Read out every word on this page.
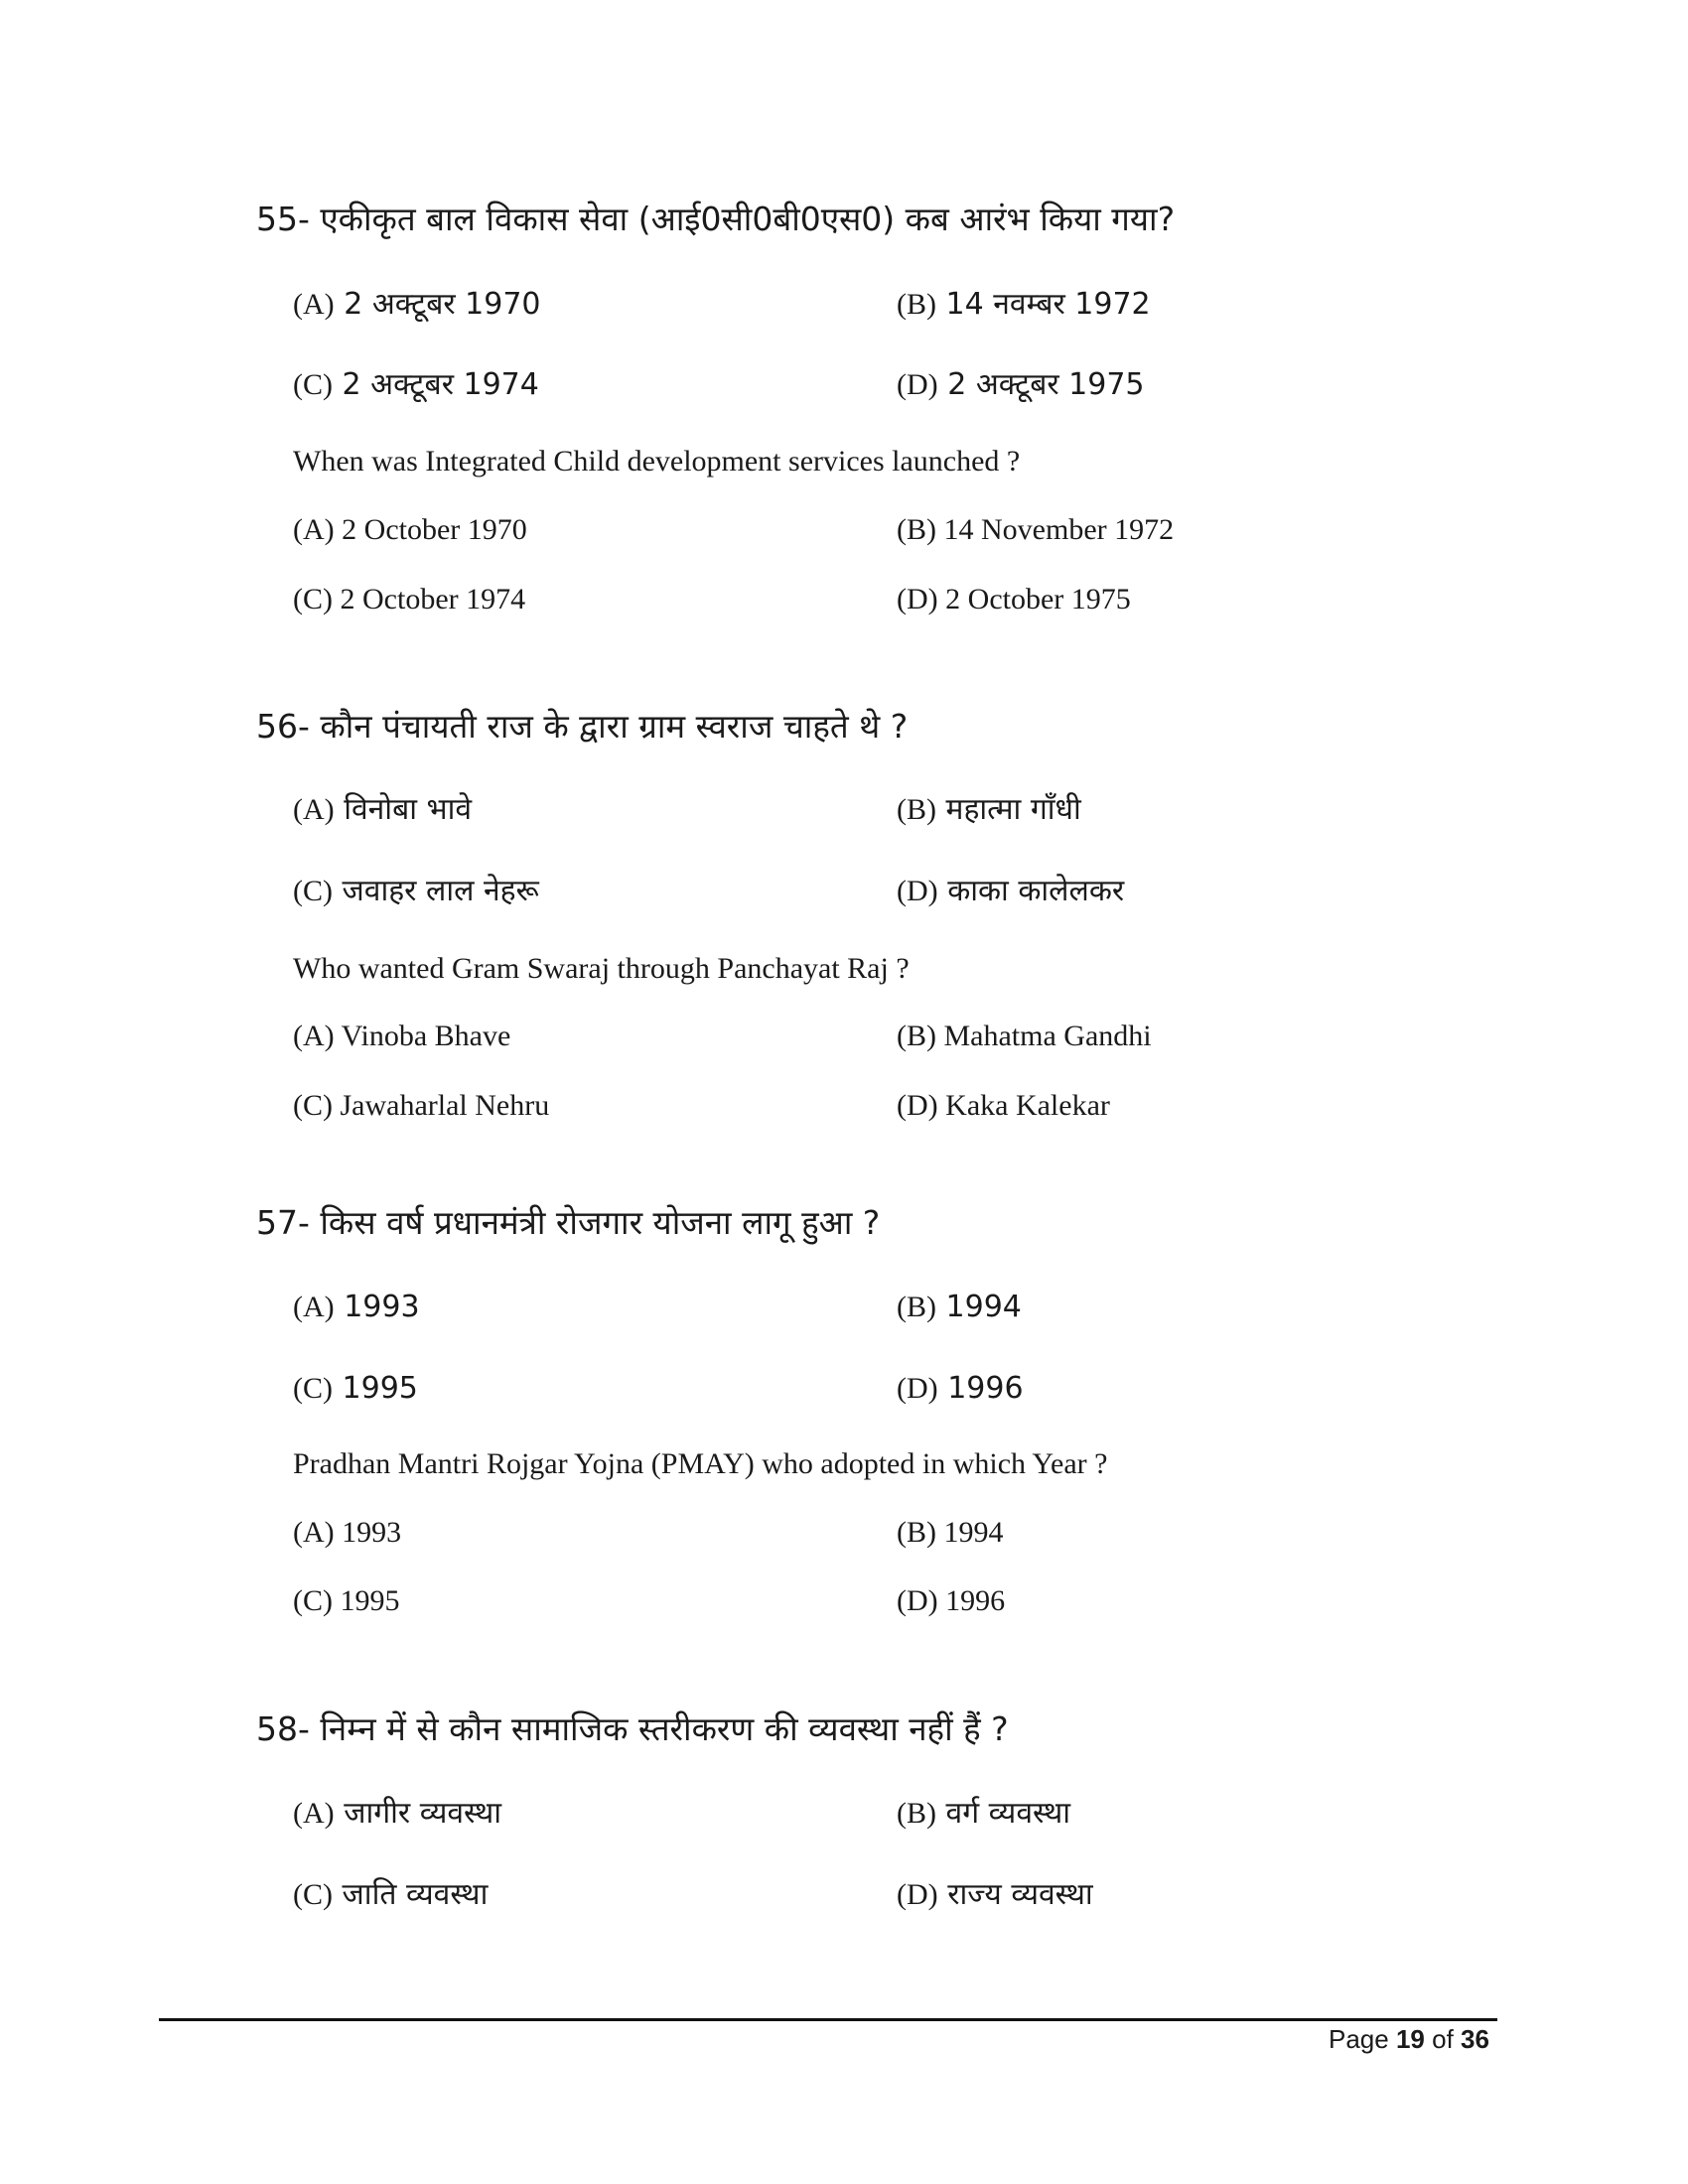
55- एकीकृत बाल विकास सेवा (आई0सी0बी0एस0) कब आरंभ किया गया?
(A) 2 अक्टूबर 1970	(B) 14 नवम्बर 1972
(C) 2 अक्टूबर 1974	(D) 2 अक्टूबर 1975
When was Integrated Child development services launched ?
(A) 2 October 1970	(B) 14 November 1972
(C) 2 October 1974	(D) 2 October 1975
56- कौन पंचायती राज के द्वारा ग्राम स्वराज चाहते थे ?
(A) विनोबा भावे	(B) महात्मा गाँधी
(C) जवाहर लाल नेहरू	(D) काका कालेलकर
Who wanted Gram Swaraj through Panchayat Raj ?
(A) Vinoba Bhave	(B) Mahatma Gandhi
(C) Jawaharlal Nehru	(D) Kaka Kalekar
57- किस वर्ष प्रधानमंत्री रोजगार योजना लागू हुआ ?
(A) 1993	(B) 1994
(C) 1995	(D) 1996
Pradhan Mantri Rojgar Yojna (PMAY) who adopted in which Year ?
(A) 1993	(B) 1994
(C) 1995	(D) 1996
58- निम्न में से कौन सामाजिक स्तरीकरण की व्यवस्था नहीं हैं ?
(A) जागीर व्यवस्था	(B) वर्ग व्यवस्था
(C) जाति व्यवस्था	(D) राज्य व्यवस्था
Page 19 of 36
